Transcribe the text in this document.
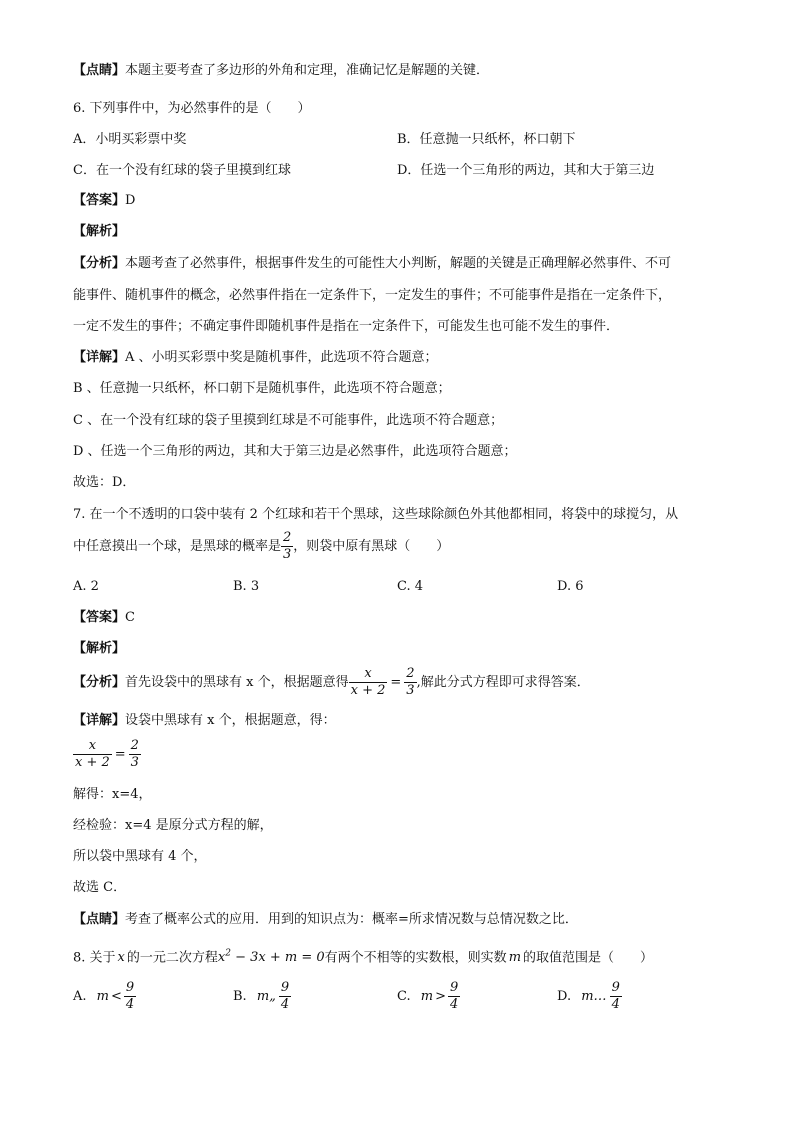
【点睛】本题主要考查了多边形的外角和定理，准确记忆是解题的关键．
6. 下列事件中，为必然事件的是（　　）
A．小明买彩票中奖	B．任意抛一只纸杯，杯口朝下
C．在一个没有红球的袋子里摸到红球	D．任选一个三角形的两边，其和大于第三边
【答案】D
【解析】
【分析】本题考查了必然事件，根据事件发生的可能性大小判断，解题的关键是正确理解必然事件、不可
能事件、随机事件的概念，必然事件指在一定条件下，一定发生的事件；不可能事件是指在一定条件下，
一定不发生的事件；不确定事件即随机事件是指在一定条件下，可能发生也可能不发生的事件．
【详解】A 、小明买彩票中奖是随机事件，此选项不符合题意；
B 、任意抛一只纸杯，杯口朝下是随机事件，此选项不符合题意；
C 、在一个没有红球的袋子里摸到红球是不可能事件，此选项不符合题意；
D 、任选一个三角形的两边，其和大于第三边是必然事件，此选项符合题意；
故选：D．
7. 在一个不透明的口袋中装有 2 个红球和若干个黑球，这些球除颜色外其他都相同，将袋中的球搅匀，从
中任意摸出一个球，是黑球的概率是 $\frac{2}{3}$ ，则袋中原有黑球（　　）
A. 2	B. 3	C. 4	D. 6
【答案】C
【解析】
【分析】首先设袋中的黑球有 x 个，根据题意得 $\frac{x}{x + 2} = \frac{2}{3}$ ,解此分式方程即可求得答案．
【详解】设袋中黑球有 x 个，根据题意，得：
$\frac{x}{x + 2} = \frac{2}{3}$
解得：x=4，
经检验：x=4 是原分式方程的解，
所以袋中黑球有 4 个，
故选 C．
【点睛】考查了概率公式的应用．用到的知识点为：概率=所求情况数与总情况数之比．
8. 关于 x 的一元二次方程$x^2 - 3x + m = 0$有两个不相等的实数根，则实数 m 的取值范围是（　　）
A. $m < \frac{9}{4}$	B. m„ $\frac{9}{4}$	C. $m > \frac{9}{4}$	D. m… $\frac{9}{4}$
